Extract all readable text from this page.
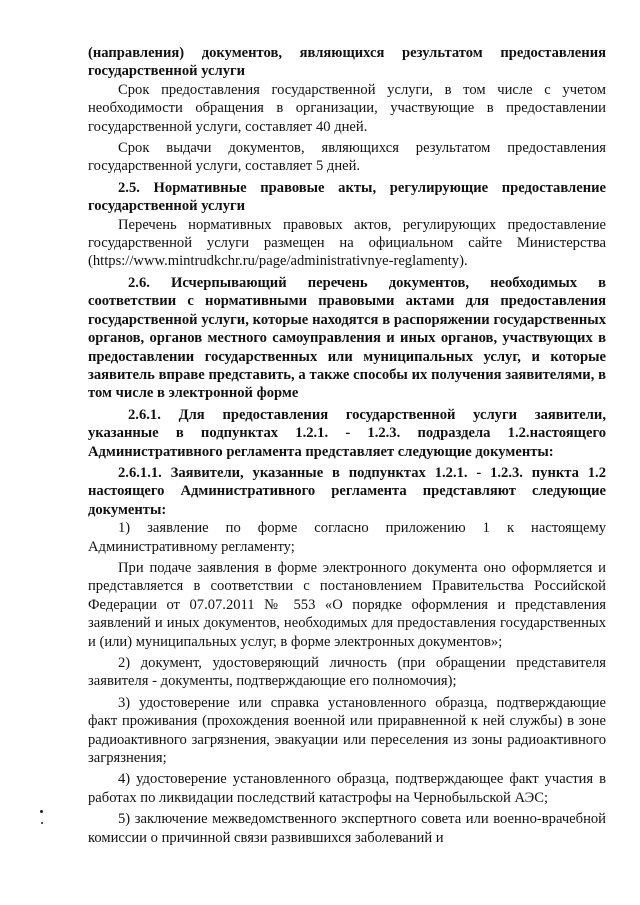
(направления) документов, являющихся результатом предоставления государственной услуги

Срок предоставления государственной услуги, в том числе с учетом необходимости обращения в организации, участвующие в предоставлении государственной услуги, составляет 40 дней.

Срок выдачи документов, являющихся результатом предоставления государственной услуги, составляет 5 дней.

2.5. Нормативные правовые акты, регулирующие предоставление государственной услуги

Перечень нормативных правовых актов, регулирующих предоставление государственной услуги размещен на официальном сайте Министерства (https://www.mintrudkchr.ru/page/administrativnye-reglamenty).

2.6. Исчерпывающий перечень документов, необходимых в соответствии с нормативными правовыми актами для предоставления государственной услуги, которые находятся в распоряжении государственных органов, органов местного самоуправления и иных органов, участвующих в предоставлении государственных или муниципальных услуг, и которые заявитель вправе представить, а также способы их получения заявителями, в том числе в электронной форме

2.6.1. Для предоставления государственной услуги заявители, указанные в подпунктах 1.2.1. - 1.2.3. подраздела 1.2.настоящего Административного регламента представляет следующие документы:

2.6.1.1. Заявители, указанные в подпунктах 1.2.1. - 1.2.3. пункта 1.2 настоящего Административного регламента представляют следующие документы:

1) заявление по форме согласно приложению 1 к настоящему Административному регламенту;

При подаче заявления в форме электронного документа оно оформляется и представляется в соответствии с постановлением Правительства Российской Федерации от 07.07.2011 № 553 «О порядке оформления и представления заявлений и иных документов, необходимых для предоставления государственных и (или) муниципальных услуг, в форме электронных документов»;

2) документ, удостоверяющий личность (при обращении представителя заявителя - документы, подтверждающие его полномочия);

3) удостоверение или справка установленного образца, подтверждающие факт проживания (прохождения военной или приравненной к ней службы) в зоне радиоактивного загрязнения, эвакуации или переселения из зоны радиоактивного загрязнения;

4) удостоверение установленного образца, подтверждающее факт участия в работах по ликвидации последствий катастрофы на Чернобыльской АЭС;

5) заключение межведомственного экспертного совета или военно-врачебной комиссии о причинной связи развившихся заболеваний и
